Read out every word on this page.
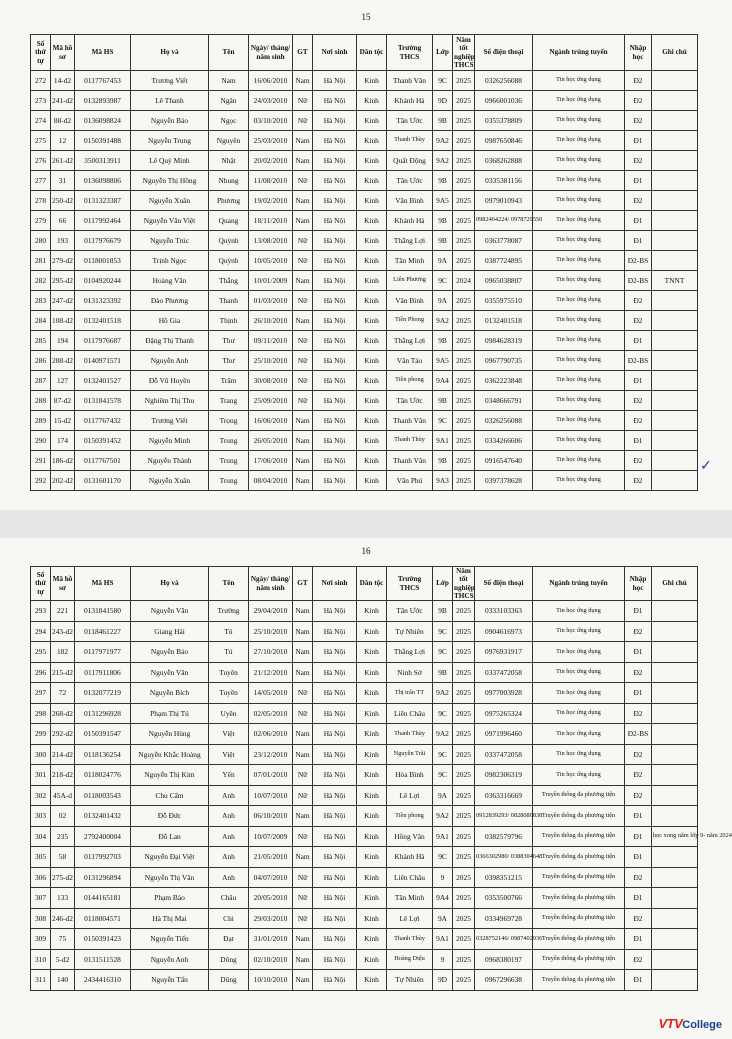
15
Số thứ tự	Mã hồ sơ	Mã HS	Họ và	Tên	Ngày/ tháng/ năm sinh	GT	Nơi sinh	Dân tộc	Trường THCS	Lớp	Năm tốt nghiệp THCS	Số điện thoại	Ngành trúng tuyển	Nhập học	Ghi chú
272	14-d2	0117767453	Trương Viết	Nam	16/06/2010	Nam	Hà Nội	Kinh	Thanh Văn	9C	2025	0326256088	Tin học ứng dụng	Đ2	
273	241-d2	0132893987	Lê Thanh	Ngân	24/03/2010	Nữ	Hà Nội	Kinh	Khánh Hà	9D	2025	0966001036	Tin học ứng dụng	Đ2	
274	88-d2	0136098824	Nguyễn Bảo	Ngọc	03/10/2010	Nữ	Hà Nội	Kinh	Tân Ước	9B	2025	0355378809	Tin học ứng dụng	Đ2	
275	12	0150391488	Nguyễn Trung	Nguyên	25/03/2010	Nam	Hà Nội	Kinh	Thanh Thùy	9A2	2025	0987650846	Tin học ứng dụng	Đ1	
276	261-d2	3500313911	Lê Quý Minh	Nhật	20/02/2010	Nam	Hà Nội	Kinh	Quất Động	9A2	2025	0368262888	Tin học ứng dụng	Đ2	
277	31	0136098806	Nguyễn Thị Hồng	Nhung	11/08/2010	Nữ	Hà Nội	Kinh	Tân Ước	9B	2025	0335381156	Tin học ứng dụng	Đ1	
278	250-d2	0131323387	Nguyễn Xuân	Phương	19/02/2010	Nam	Hà Nội	Kinh	Văn Bình	9A5	2025	0979010943	Tin học ứng dụng	Đ2	
279	66	0117992464	Nguyễn Văn Việt	Quang	18/11/2010	Nam	Hà Nội	Kinh	Khánh Hà	9B	2025	0982464224/ 0978729550	Tin học ứng dụng	Đ1	
280	193	0117976679	Nguyễn Trúc	Quỳnh	13/08/2010	Nữ	Hà Nội	Kinh	Thắng Lợi	9B	2025	0363778087	Tin học ứng dụng	Đ1	
281	279-d2	0118001853	Trịnh Ngọc	Quỳnh	10/05/2010	Nữ	Hà Nội	Kinh	Tân Minh	9A	2025	0387724895	Tin học ứng dụng	Đ2-BS	
282	295-d2	0104920244	Hoàng Văn	Thắng	10/01/2009	Nam	Hà Nội	Kinh	Liên Phương	9C	2024	0965038807	Tin học ứng dụng	Đ2-BS	TNNT
283	247-d2	0131323392	Đào Phương	Thanh	01/03/2010	Nữ	Hà Nội	Kinh	Văn Bình	9A	2025	0355975510	Tin học ứng dụng	Đ2	
284	108-d2	0132401518	Hồ Gia	Thịnh	26/10/2010	Nam	Hà Nội	Kinh	Tiền Phong	9A2	2025	0132401518	Tin học ứng dụng	Đ2	
285	194	0117976687	Đặng Thị Thanh	Thư	09/11/2010	Nữ	Hà Nội	Kinh	Thắng Lợi	9B	2025	0984628319	Tin học ứng dụng	Đ1	
286	288-d2	0140971571	Nguyễn Anh	Thư	25/10/2010	Nữ	Hà Nội	Kinh	Văn Tảo	9A5	2025	0967790735	Tin học ứng dụng	Đ2-BS	
287	127	0132401527	Đỗ Vũ Huyền	Trâm	30/08/2010	Nữ	Hà Nội	Kinh	Tiền phong	9A4	2025	0362223848	Tin học ứng dụng	Đ1	
288	87-d2	0131841578	Nghiêm Thị Thu	Trang	25/09/2010	Nữ	Hà Nội	Kinh	Tân Ước	9B	2025	0348666791	Tin học ứng dụng	Đ2	
289	15-d2	0117767432	Trương Viết	Trọng	16/06/2010	Nam	Hà Nội	Kinh	Thanh Văn	9C	2025	0326256088	Tin học ứng dụng	Đ2	
290	174	0150391452	Nguyễn Minh	Trung	26/05/2010	Nam	Hà Nội	Kinh	Thanh Thùy	9A1	2025	0334266606	Tin học ứng dụng	Đ1	
291	186-d2	0117767501	Nguyễn Thành	Trung	17/06/2010	Nam	Hà Nội	Kinh	Thanh Văn	9B	2025	0916547640	Tin học ứng dụng	Đ2	
292	202-d2	0131601170	Nguyễn Xuân	Trung	08/04/2010	Nam	Hà Nội	Kinh	Văn Phú	9A3	2025	0397378628	Tin học ứng dụng	Đ2	
✓
16
Số thứ tự	Mã hồ sơ	Mã HS	Họ và	Tên	Ngày/ tháng/ năm sinh	GT	Nơi sinh	Dân tộc	Trường THCS	Lớp	Năm tốt nghiệp THCS	Số điện thoại	Ngành trúng tuyển	Nhập học	Ghi chú
293	221	0131841580	Nguyễn Văn	Trường	29/04/2010	Nam	Hà Nội	Kinh	Tân Ước	9B	2025	0333103363	Tin học ứng dụng	Đ1	
294	243-d2	0118461227	Giang Hải	Tú	25/10/2010	Nam	Hà Nội	Kinh	Tự Nhiên	9C	2025	0904616973	Tin học ứng dụng	Đ2	
295	182	0117971977	Nguyễn Bảo	Tú	27/10/2010	Nam	Hà Nội	Kinh	Thắng Lợi	9C	2025	0976931917	Tin học ứng dụng	Đ1	
296	215-d2	0117911806	Nguyễn Văn	Tuyên	21/12/2010	Nam	Hà Nội	Kinh	Ninh Sở	9B	2025	0337472058	Tin học ứng dụng	Đ2	
297	72	0132077219	Nguyễn Bích	Tuyền	14/05/2010	Nữ	Hà Nội	Kinh	Thị trấn TT	9A2	2025	0977003928	Tin học ứng dụng	Đ1	
298	268-d2	0131296928	Phạm Thị Tú	Uyên	02/05/2010	Nữ	Hà Nội	Kinh	Liên Châu	9C	2025	0975265324	Tin học ứng dụng	Đ2	
299	292-d2	0150391547	Nguyễn Hùng	Việt	02/06/2010	Nam	Hà Nội	Kinh	Thanh Thùy	9A2	2025	0971996460	Tin học ứng dụng	Đ2-BS	
300	214-d2	0118136254	Nguyễn Khắc Hoàng	Việt	23/12/2010	Nam	Hà Nội	Kinh	Nguyễn Trãi	9C	2025	0337472058	Tin học ứng dụng	Đ2	
301	218-d2	0118024776	Nguyễn Thị Kim	Yến	07/01/2010	Nữ	Hà Nội	Kinh	Hòa Bình	9C	2025	0982306319	Tin học ứng dụng	Đ2	
302	45A-d	0118003543	Chu Cẩm	Anh	10/07/2010	Nữ	Hà Nội	Kinh	Lê Lợi	9A	2025	0363316669	Truyền thông đa phương tiện	Đ2	
303	02	0132401432	Đỗ Đức	Anh	06/10/2010	Nam	Hà Nội	Kinh	Tiền phong	9A2	2025	0912839293/ 0828080838	Truyền thông đa phương tiện	Đ1	
304	235	2792400004	Đỗ Lan	Anh	10/07/2009	Nữ	Hà Nội	Kinh	Hồng Vân	9A1	2025	0382579796	Truyền thông đa phương tiện	Đ1	học xong năm lớp 9- năm 2024
305	58	0117992703	Nguyễn Đại Việt	Anh	21/05/2010	Nam	Hà Nội	Kinh	Khánh Hà	9C	2025	0366302980/ 0388304648	Truyền thông đa phương tiện	Đ1	
306	275-d2	0131296894	Nguyễn Thị Vân	Anh	04/07/2010	Nữ	Hà Nội	Kinh	Liên Châu	9	2025	0398351215	Truyền thông đa phương tiện	Đ2	
307	133	0144165181	Phạm Bảo	Châu	20/05/2010	Nữ	Hà Nội	Kinh	Tân Minh	9A4	2025	0353500766	Truyền thông đa phương tiện	Đ1	
308	246-d2	0118004571	Hà Thị Mai	Chi	29/03/2010	Nữ	Hà Nội	Kinh	Lê Lợi	9A	2025	0334969728	Truyền thông đa phương tiện	Đ2	
309	75	0150391423	Nguyễn Tiến	Đạt	31/01/2010	Nam	Hà Nội	Kinh	Thanh Thùy	9A1	2025	0328752146/ 0987402936	Truyền thông đa phương tiện	Đ1	
310	5-d2	0131511528	Nguyễn Anh	Dũng	02/10/2010	Nam	Hà Nội	Kinh	Hoàng Diệu	9	2025	0968380197	Truyền thông đa phương tiện	Đ2	
311	140	2434416310	Nguyễn Tấn	Dũng	10/10/2010	Nam	Hà Nội	Kinh	Tự Nhiên	9D	2025	0967296638	Truyền thông đa phương tiện	Đ1	
VTVCollege
